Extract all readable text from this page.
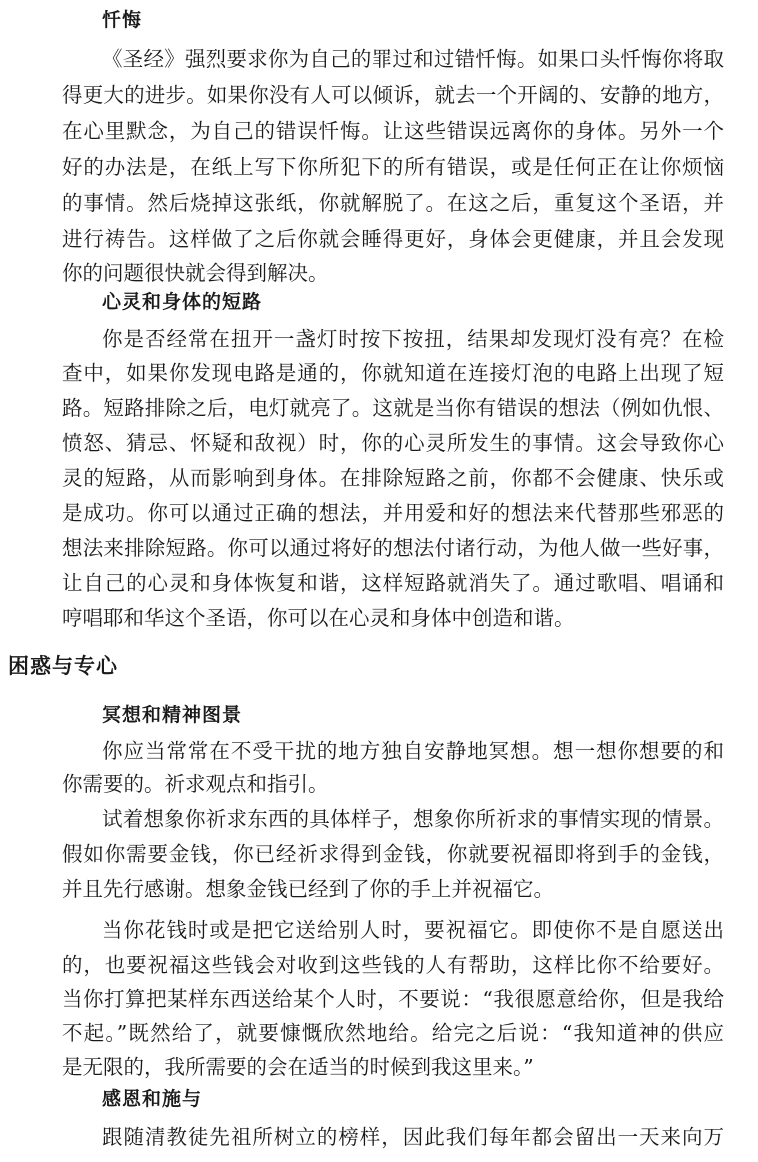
忏悔
《圣经》强烈要求你为自己的罪过和过错忏悔。如果口头忏悔你将取
得更大的进步。如果你没有人可以倾诉，就去一个开阔的、安静的地方，
在心里默念，为自己的错误忏悔。让这些错误远离你的身体。另外一个
好的办法是，在纸上写下你所犯下的所有错误，或是任何正在让你烦恼
的事情。然后烧掉这张纸，你就解脱了。在这之后，重复这个圣语，并
进行祷告。这样做了之后你就会睡得更好，身体会更健康，并且会发现
你的问题很快就会得到解决。
心灵和身体的短路
你是否经常在扭开一盏灯时按下按扭，结果却发现灯没有亮？在检
查中，如果你发现电路是通的，你就知道在连接灯泡的电路上出现了短
路。短路排除之后，电灯就亮了。这就是当你有错误的想法（例如仇恨、
愤怒、猜忌、怀疑和敌视）时，你的心灵所发生的事情。这会导致你心
灵的短路，从而影响到身体。在排除短路之前，你都不会健康、快乐或
是成功。你可以通过正确的想法，并用爱和好的想法来代替那些邪恶的
想法来排除短路。你可以通过将好的想法付诸行动，为他人做一些好事，
让自己的心灵和身体恢复和谐，这样短路就消失了。通过歌唱、唱诵和
哼唱耶和华这个圣语，你可以在心灵和身体中创造和谐。
困惑与专心
冥想和精神图景
你应当常常在不受干扰的地方独自安静地冥想。想一想你想要的和
你需要的。祈求观点和指引。
试着想象你祈求东西的具体样子，想象你所祈求的事情实现的情景。
假如你需要金钱，你已经祈求得到金钱，你就要祝福即将到手的金钱，
并且先行感谢。想象金钱已经到了你的手上并祝福它。
当你花钱时或是把它送给别人时，要祝福它。即使你不是自愿送出
的，也要祝福这些钱会对收到这些钱的人有帮助，这样比你不给要好。
当你打算把某样东西送给某个人时，不要说：“我很愿意给你，但是我给
不起。”既然给了，就要慷慨欣然地给。给完之后说：“我知道神的供应
是无限的，我所需要的会在适当的时候到我这里来。”
感恩和施与
跟随清教徒先祖所树立的榜样，因此我们每年都会留出一天来向万
